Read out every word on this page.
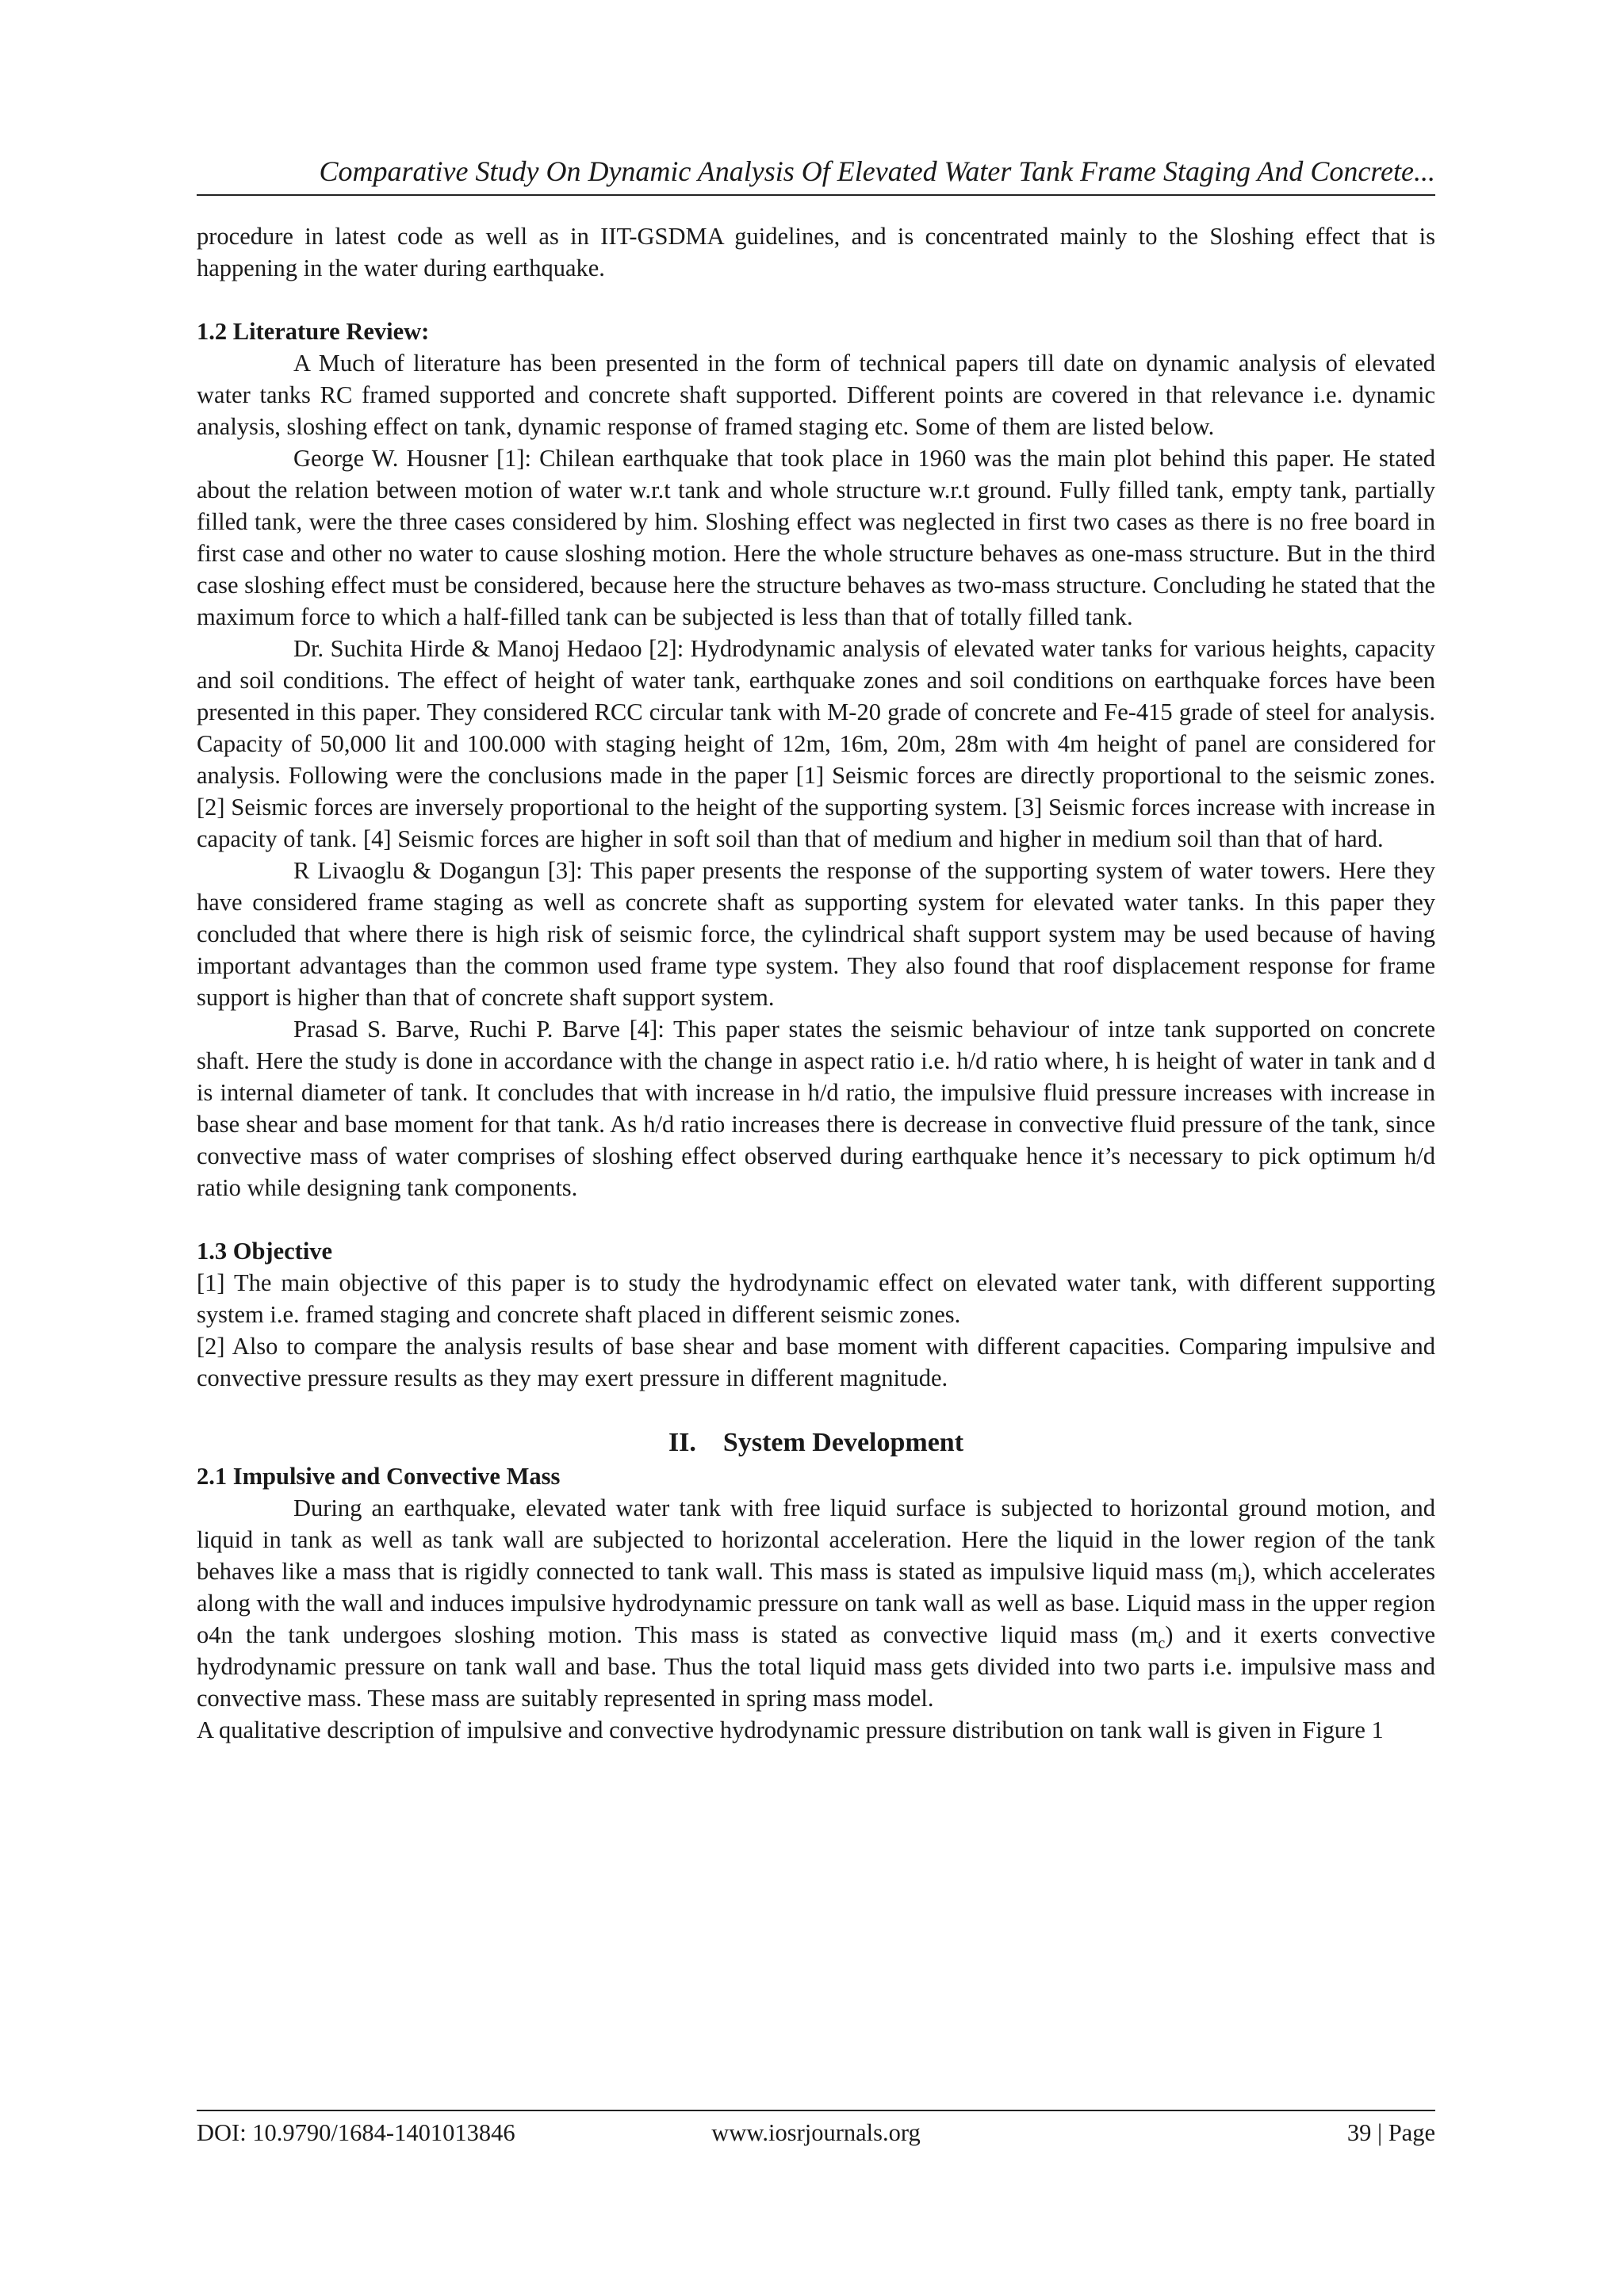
Comparative Study On Dynamic Analysis Of Elevated Water Tank Frame Staging And Concrete...

procedure in latest code as well as in IIT-GSDMA guidelines, and is concentrated mainly to the Sloshing effect that is happening in the water during earthquake.

1.2 Literature Review:

A Much of literature has been presented in the form of technical papers till date on dynamic analysis of elevated water tanks RC framed supported and concrete shaft supported. Different points are covered in that relevance i.e. dynamic analysis, sloshing effect on tank, dynamic response of framed staging etc. Some of them are listed below.

George W. Housner [1]: Chilean earthquake that took place in 1960 was the main plot behind this paper. He stated about the relation between motion of water w.r.t tank and whole structure w.r.t ground. Fully filled tank, empty tank, partially filled tank, were the three cases considered by him. Sloshing effect was neglected in first two cases as there is no free board in first case and other no water to cause sloshing motion. Here the whole structure behaves as one-mass structure. But in the third case sloshing effect must be considered, because here the structure behaves as two-mass structure. Concluding he stated that the maximum force to which a half-filled tank can be subjected is less than that of totally filled tank.

Dr. Suchita Hirde & Manoj Hedaoo [2]: Hydrodynamic analysis of elevated water tanks for various heights, capacity and soil conditions. The effect of height of water tank, earthquake zones and soil conditions on earthquake forces have been presented in this paper. They considered RCC circular tank with M-20 grade of concrete and Fe-415 grade of steel for analysis. Capacity of 50,000 lit and 100.000 with staging height of 12m, 16m, 20m, 28m with 4m height of panel are considered for analysis. Following were the conclusions made in the paper [1] Seismic forces are directly proportional to the seismic zones. [2] Seismic forces are inversely proportional to the height of the supporting system. [3] Seismic forces increase with increase in capacity of tank. [4] Seismic forces are higher in soft soil than that of medium and higher in medium soil than that of hard.

R Livaoglu & Dogangun [3]: This paper presents the response of the supporting system of water towers. Here they have considered frame staging as well as concrete shaft as supporting system for elevated water tanks. In this paper they concluded that where there is high risk of seismic force, the cylindrical shaft support system may be used because of having important advantages than the common used frame type system. They also found that roof displacement response for frame support is higher than that of concrete shaft support system.

Prasad S. Barve, Ruchi P. Barve [4]: This paper states the seismic behaviour of intze tank supported on concrete shaft. Here the study is done in accordance with the change in aspect ratio i.e. h/d ratio where, h is height of water in tank and d is internal diameter of tank. It concludes that with increase in h/d ratio, the impulsive fluid pressure increases with increase in base shear and base moment for that tank. As h/d ratio increases there is decrease in convective fluid pressure of the tank, since convective mass of water comprises of sloshing effect observed during earthquake hence it’s necessary to pick optimum h/d ratio while designing tank components.

1.3 Objective

[1] The main objective of this paper is to study the hydrodynamic effect on elevated water tank, with different supporting system i.e. framed staging and concrete shaft placed in different seismic zones.

[2] Also to compare the analysis results of base shear and base moment with different capacities. Comparing impulsive and convective pressure results as they may exert pressure in different magnitude.

II. System Development

2.1 Impulsive and Convective Mass

During an earthquake, elevated water tank with free liquid surface is subjected to horizontal ground motion, and liquid in tank as well as tank wall are subjected to horizontal acceleration. Here the liquid in the lower region of the tank behaves like a mass that is rigidly connected to tank wall. This mass is stated as impulsive liquid mass $(m_i)$, which accelerates along with the wall and induces impulsive hydrodynamic pressure on tank wall as well as base. Liquid mass in the upper region o4n the tank undergoes sloshing motion. This mass is stated as convective liquid mass $(m_c)$ and it exerts convective hydrodynamic pressure on tank wall and base. Thus the total liquid mass gets divided into two parts i.e. impulsive mass and convective mass. These mass are suitably represented in spring mass model.

A qualitative description of impulsive and convective hydrodynamic pressure distribution on tank wall is given in Figure 1

DOI: 10.9790/1684-1401013846	www.iosrjournals.org	39 | Page
